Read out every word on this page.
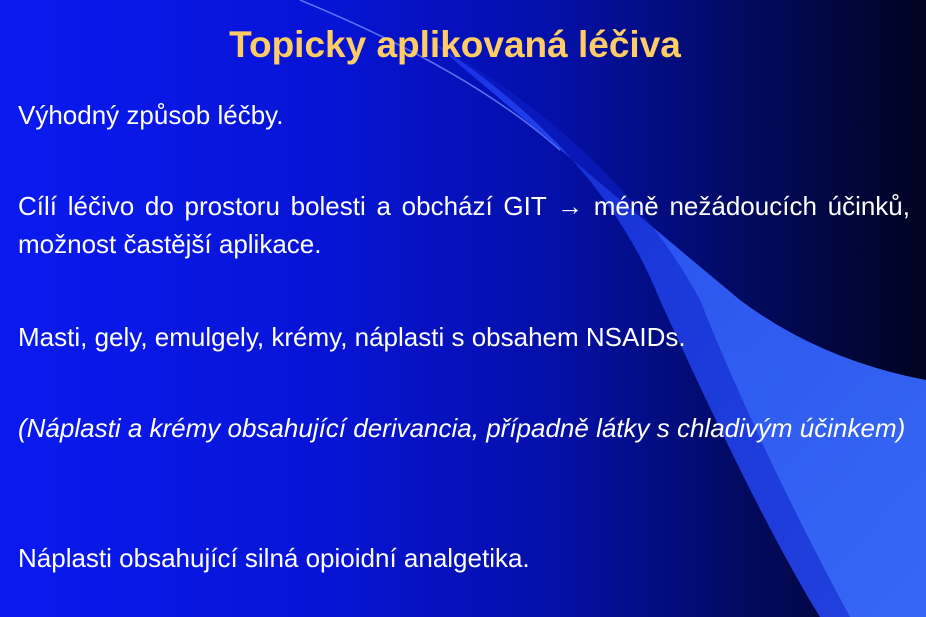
Topicky aplikovaná léčiva
Výhodný způsob léčby.
Cílí léčivo do prostoru bolesti a obchází GIT → méně nežádoucích účinků, možnost častější aplikace.
Masti, gely, emulgely, krémy, náplasti s obsahem NSAIDs.
(Náplasti a krémy obsahující derivancia, případně látky s chladivým účinkem)
Náplasti obsahující silná opioidní analgetika.
